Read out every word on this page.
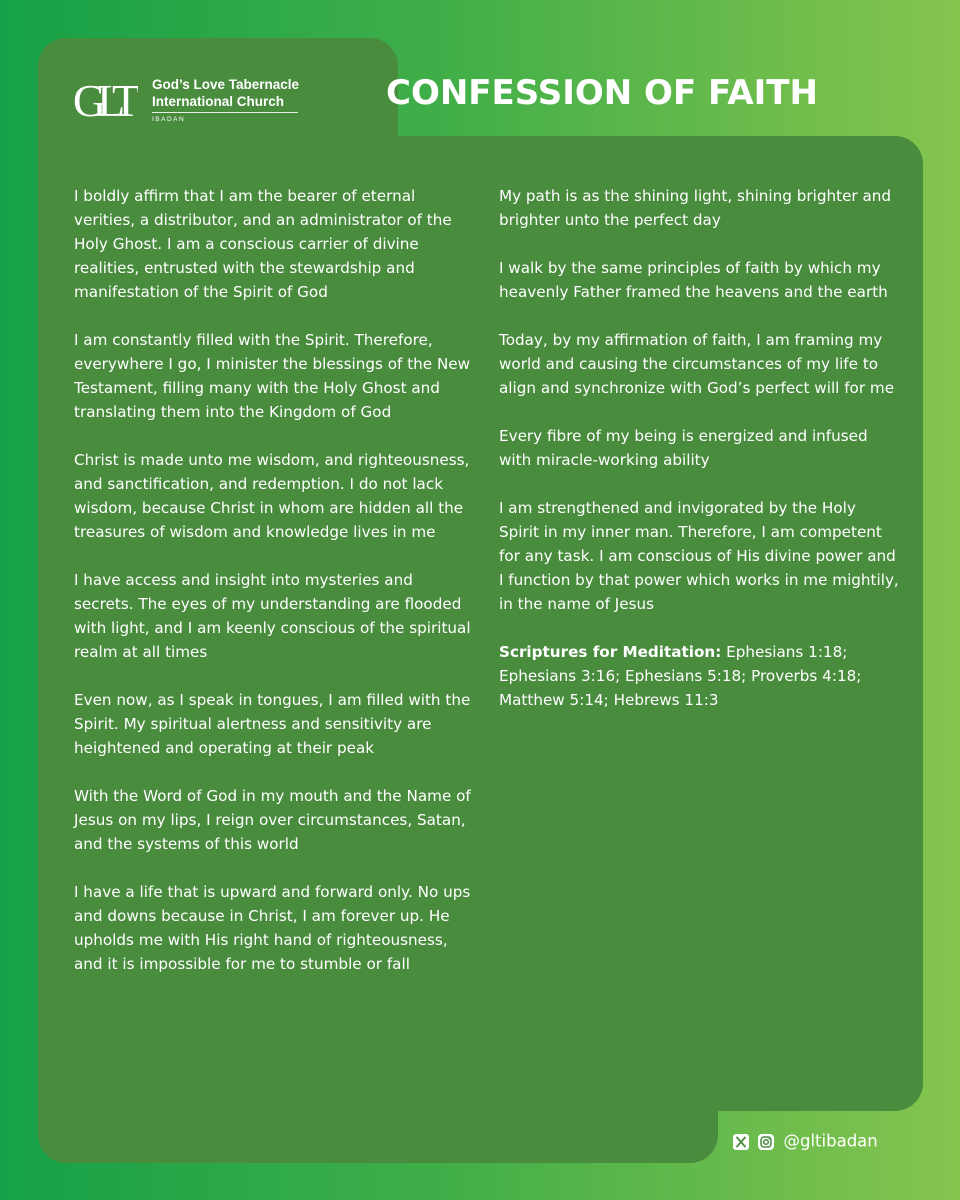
GLT	God’s Love Tabernacle
International Church
IBADAN
CONFESSION OF FAITH

I boldly affirm that I am the bearer of eternal verities, a distributor, and an administrator of the Holy Ghost. I am a conscious carrier of divine realities, entrusted with the stewardship and manifestation of the Spirit of God

I am constantly filled with the Spirit. Therefore, everywhere I go, I minister the blessings of the New Testament, filling many with the Holy Ghost and translating them into the Kingdom of God

Christ is made unto me wisdom, and righteousness, and sanctification, and redemption. I do not lack wisdom, because Christ in whom are hidden all the treasures of wisdom and knowledge lives in me

I have access and insight into mysteries and secrets. The eyes of my understanding are flooded with light, and I am keenly conscious of the spiritual realm at all times

Even now, as I speak in tongues, I am filled with the Spirit. My spiritual alertness and sensitivity are heightened and operating at their peak

With the Word of God in my mouth and the Name of Jesus on my lips, I reign over circumstances, Satan, and the systems of this world

I have a life that is upward and forward only. No ups and downs because in Christ, I am forever up. He upholds me with His right hand of righteousness, and it is impossible for me to stumble or fall

My path is as the shining light, shining brighter and brighter unto the perfect day

I walk by the same principles of faith by which my heavenly Father framed the heavens and the earth

Today, by my affirmation of faith, I am framing my world and causing the circumstances of my life to align and synchronize with God’s perfect will for me

Every fibre of my being is energized and infused with miracle-working ability

I am strengthened and invigorated by the Holy Spirit in my inner man. Therefore, I am competent for any task. I am conscious of His divine power and I function by that power which works in me mightily, in the name of Jesus

Scriptures for Meditation: Ephesians 1:18; Ephesians 3:16; Ephesians 5:18; Proverbs 4:18; Matthew 5:14; Hebrews 11:3

@gltibadan
